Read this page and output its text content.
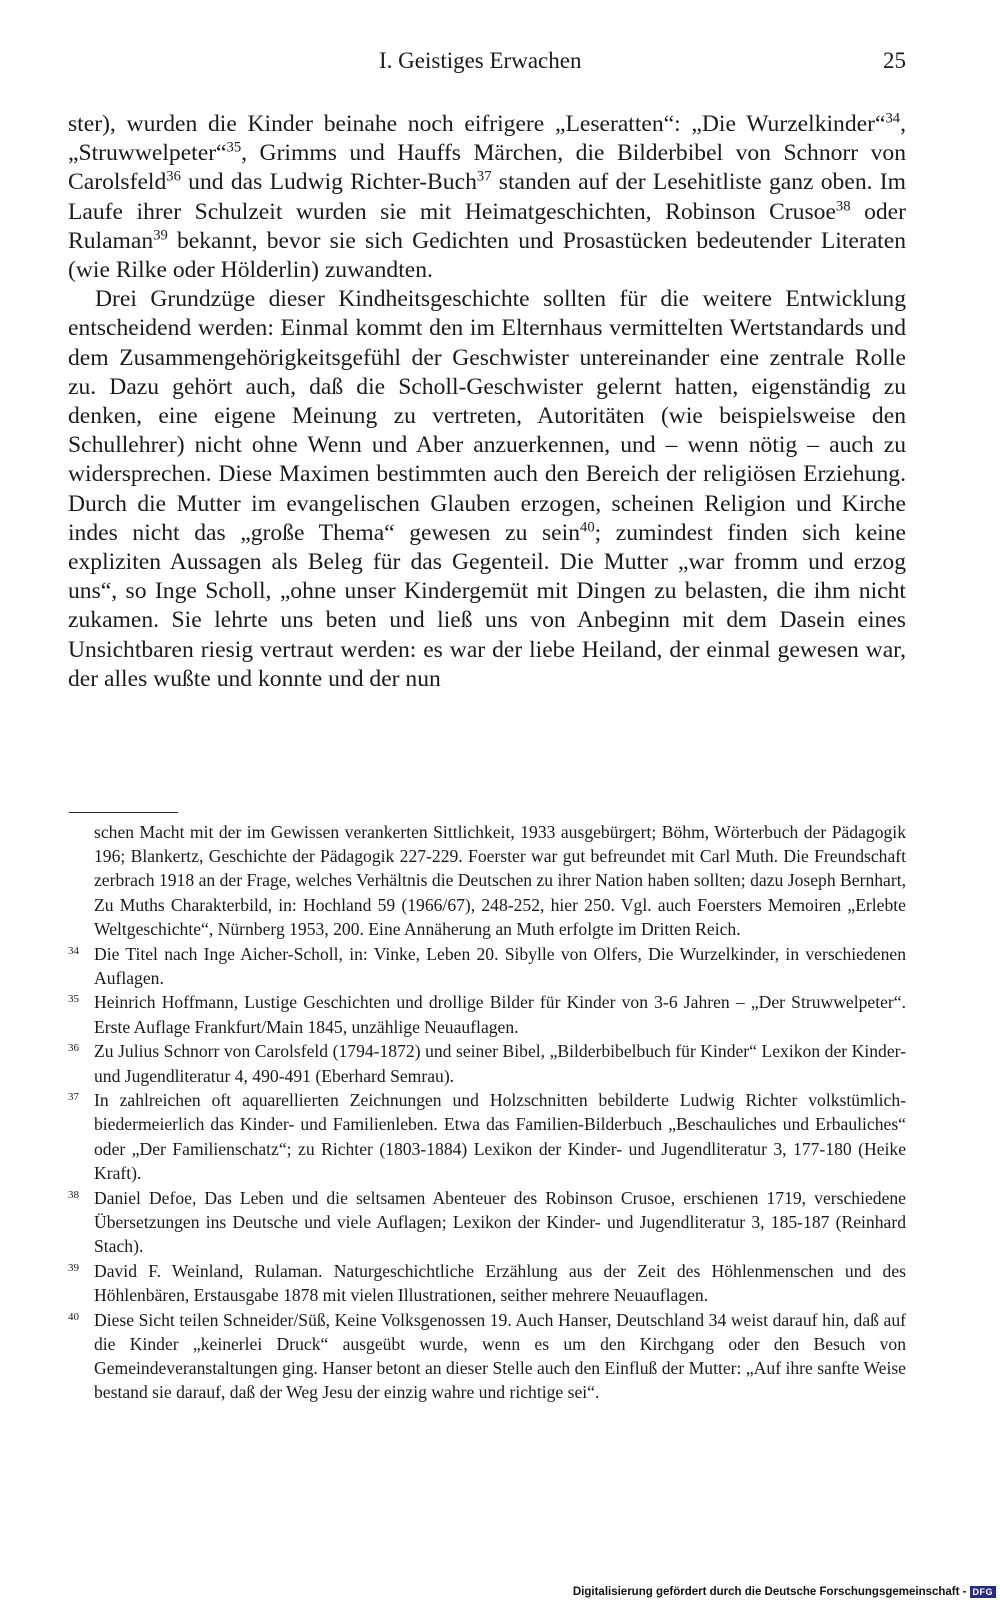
I. Geistiges Erwachen	25

ster), wurden die Kinder beinahe noch eifrigere „Leseratten“: „Die Wurzelkinder“$^{34}$, „Struwwelpeter“$^{35}$, Grimms und Hauffs Märchen, die Bilderbibel von Schnorr von Carolsfeld$^{36}$ und das Ludwig Richter-Buch$^{37}$ standen auf der Lesehitliste ganz oben. Im Laufe ihrer Schulzeit wurden sie mit Heimatgeschichten, Robinson Crusoe$^{38}$ oder Rulaman$^{39}$ bekannt, bevor sie sich Gedichten und Prosastücken bedeutender Literaten (wie Rilke oder Hölderlin) zuwandten.

Drei Grundzüge dieser Kindheitsgeschichte sollten für die weitere Entwicklung entscheidend werden: Einmal kommt den im Elternhaus vermittelten Wertstandards und dem Zusammengehörigkeitsgefühl der Geschwister untereinander eine zentrale Rolle zu. Dazu gehört auch, daß die Scholl-Geschwister gelernt hatten, eigenständig zu denken, eine eigene Meinung zu vertreten, Autoritäten (wie beispielsweise den Schullehrer) nicht ohne Wenn und Aber anzuerkennen, und – wenn nötig – auch zu widersprechen. Diese Maximen bestimmten auch den Bereich der religiösen Erziehung. Durch die Mutter im evangelischen Glauben erzogen, scheinen Religion und Kirche indes nicht das „große Thema“ gewesen zu sein$^{40}$; zumindest finden sich keine expliziten Aussagen als Beleg für das Gegenteil. Die Mutter „war fromm und erzog uns“, so Inge Scholl, „ohne unser Kindergemüt mit Dingen zu belasten, die ihm nicht zukamen. Sie lehrte uns beten und ließ uns von Anbeginn mit dem Dasein eines Unsichtbaren riesig vertraut werden: es war der liebe Heiland, der einmal gewesen war, der alles wußte und konnte und der nun

schen Macht mit der im Gewissen verankerten Sittlichkeit, 1933 ausgebürgert; Böhm, Wörterbuch der Pädagogik 196; Blankertz, Geschichte der Pädagogik 227-229. Foerster war gut befreundet mit Carl Muth. Die Freundschaft zerbrach 1918 an der Frage, welches Verhältnis die Deutschen zu ihrer Nation haben sollten; dazu Joseph Bernhart, Zu Muths Charakterbild, in: Hochland 59 (1966/67), 248-252, hier 250. Vgl. auch Foersters Memoiren „Erlebte Weltgeschichte“, Nürnberg 1953, 200. Eine Annäherung an Muth erfolgte im Dritten Reich.
34 Die Titel nach Inge Aicher-Scholl, in: Vinke, Leben 20. Sibylle von Olfers, Die Wurzelkinder, in verschiedenen Auflagen.
35 Heinrich Hoffmann, Lustige Geschichten und drollige Bilder für Kinder von 3-6 Jahren – „Der Struwwelpeter“. Erste Auflage Frankfurt/Main 1845, unzählige Neuauflagen.
36 Zu Julius Schnorr von Carolsfeld (1794-1872) und seiner Bibel, „Bilderbibelbuch für Kinder“ Lexikon der Kinder- und Jugendliteratur 4, 490-491 (Eberhard Semrau).
37 In zahlreichen oft aquarellierten Zeichnungen und Holzschnitten bebilderte Ludwig Richter volkstümlich-biedermeierlich das Kinder- und Familienleben. Etwa das Familien-Bilderbuch „Beschauliches und Erbauliches“ oder „Der Familienschatz“; zu Richter (1803-1884) Lexikon der Kinder- und Jugendliteratur 3, 177-180 (Heike Kraft).
38 Daniel Defoe, Das Leben und die seltsamen Abenteuer des Robinson Crusoe, erschienen 1719, verschiedene Übersetzungen ins Deutsche und viele Auflagen; Lexikon der Kinder- und Jugendliteratur 3, 185-187 (Reinhard Stach).
39 David F. Weinland, Rulaman. Naturgeschichtliche Erzählung aus der Zeit des Höhlenmenschen und des Höhlenbären, Erstausgabe 1878 mit vielen Illustrationen, seither mehrere Neuauflagen.
40 Diese Sicht teilen Schneider/Süß, Keine Volksgenossen 19. Auch Hanser, Deutschland 34 weist darauf hin, daß auf die Kinder „keinerlei Druck“ ausgeübt wurde, wenn es um den Kirchgang oder den Besuch von Gemeindeveranstaltungen ging. Hanser betont an dieser Stelle auch den Einfluß der Mutter: „Auf ihre sanfte Weise bestand sie darauf, daß der Weg Jesu der einzig wahre und richtige sei“.
Digitalisierung gefördert durch die Deutsche Forschungsgemeinschaft - DFG
